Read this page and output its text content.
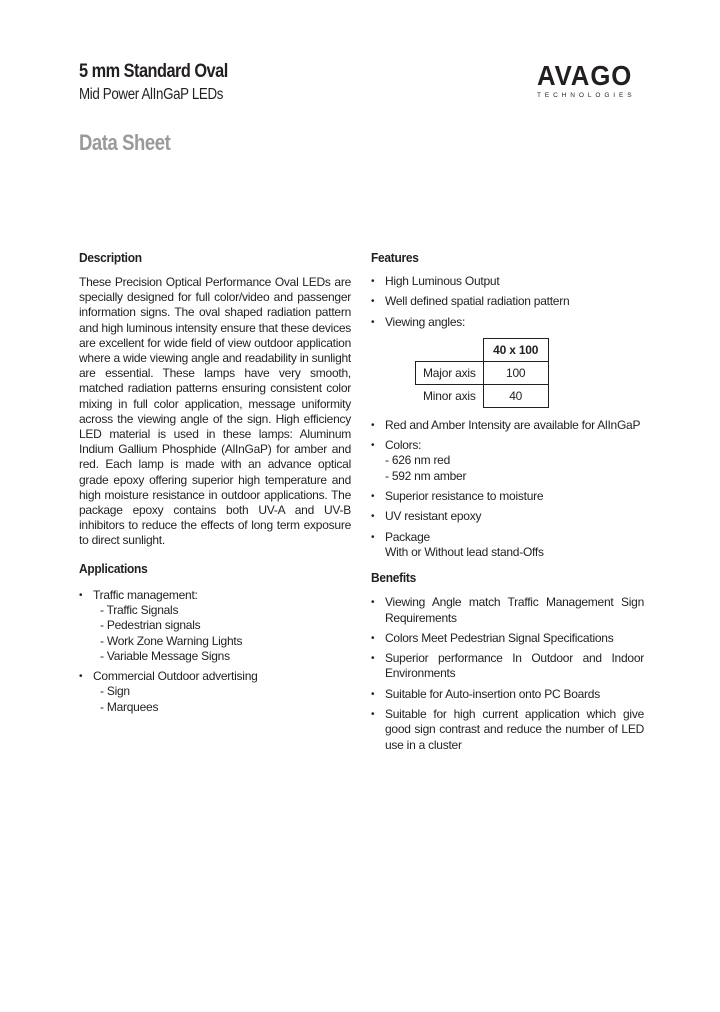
5 mm Standard Oval
Mid Power AlInGaP LEDs
Data Sheet
AVAGO
TECHNOLOGIES
Description

These Precision Optical Performance Oval LEDs are specially designed for full color/video and passenger information signs. The oval shaped radiation pattern and high luminous intensity ensure that these devices are excellent for wide field of view outdoor application where a wide viewing angle and readability in sunlight are essential. These lamps have very smooth, matched radiation patterns ensuring consistent color mixing in full color application, message uniformity across the viewing angle of the sign. High efficiency LED material is used in these lamps: Aluminum Indium Gallium Phosphide (AlInGaP) for amber and red. Each lamp is made with an advance optical grade epoxy offering superior high temperature and high moisture resistance in outdoor applications. The package epoxy contains both UV-A and UV-B inhibitors to reduce the effects of long term exposure to direct sunlight.

Applications
• Traffic management:
- Traffic Signals
- Pedestrian signals
- Work Zone Warning Lights
- Variable Message Signs
• Commercial Outdoor advertising
- Sign
- Marquees
Features
• High Luminous Output
• Well defined spatial radiation pattern
• Viewing angles:
	40 x 100
Major axis	100
Minor axis	40
• Red and Amber Intensity are available for AlInGaP
• Colors:
- 626 nm red
- 592 nm amber
• Superior resistance to moisture
• UV resistant epoxy
• Package
With or Without lead stand-Offs
Benefits
• Viewing Angle match Traffic Management Sign Requirements
• Colors Meet Pedestrian Signal Specifications
• Superior performance In Outdoor and Indoor Environments
• Suitable for Auto-insertion onto PC Boards
• Suitable for high current application which give good sign contrast and reduce the number of LED use in a cluster
